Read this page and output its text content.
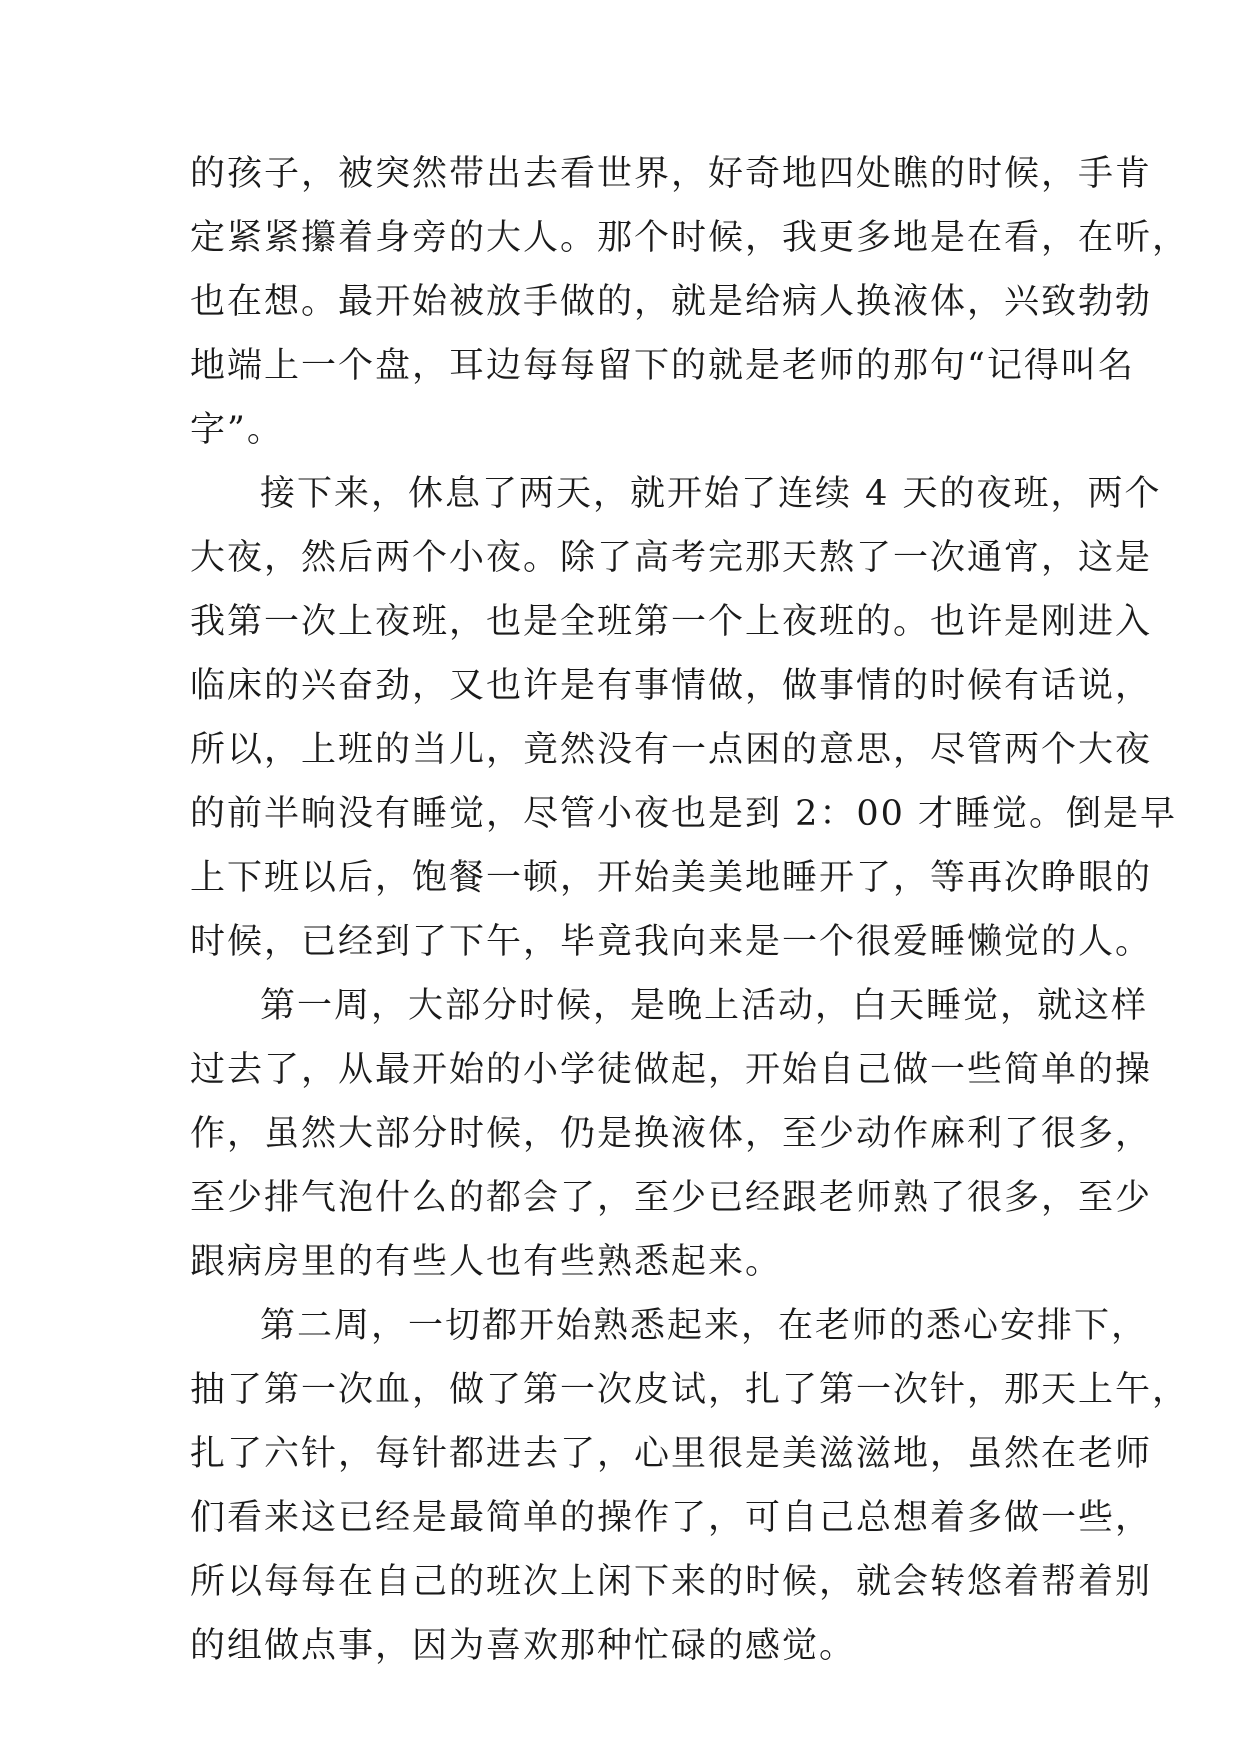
的孩子，被突然带出去看世界，好奇地四处瞧的时候，手肯
定紧紧攥着身旁的大人。那个时候，我更多地是在看，在听，
也在想。最开始被放手做的，就是给病人换液体，兴致勃勃
地端上一个盘，耳边每每留下的就是老师的那句“记得叫名
字”。
接下来，休息了两天，就开始了连续 4 天的夜班，两个
大夜，然后两个小夜。除了高考完那天熬了一次通宵，这是
我第一次上夜班，也是全班第一个上夜班的。也许是刚进入
临床的兴奋劲，又也许是有事情做，做事情的时候有话说，
所以，上班的当儿，竟然没有一点困的意思，尽管两个大夜
的前半晌没有睡觉，尽管小夜也是到 2：00 才睡觉。倒是早
上下班以后，饱餐一顿，开始美美地睡开了，等再次睁眼的
时候，已经到了下午，毕竟我向来是一个很爱睡懒觉的人。
第一周，大部分时候，是晚上活动，白天睡觉，就这样
过去了，从最开始的小学徒做起，开始自己做一些简单的操
作，虽然大部分时候，仍是换液体，至少动作麻利了很多，
至少排气泡什么的都会了，至少已经跟老师熟了很多，至少
跟病房里的有些人也有些熟悉起来。
第二周，一切都开始熟悉起来，在老师的悉心安排下，
抽了第一次血，做了第一次皮试，扎了第一次针，那天上午，
扎了六针，每针都进去了，心里很是美滋滋地，虽然在老师
们看来这已经是最简单的操作了，可自己总想着多做一些，
所以每每在自己的班次上闲下来的时候，就会转悠着帮着别
的组做点事，因为喜欢那种忙碌的感觉。
